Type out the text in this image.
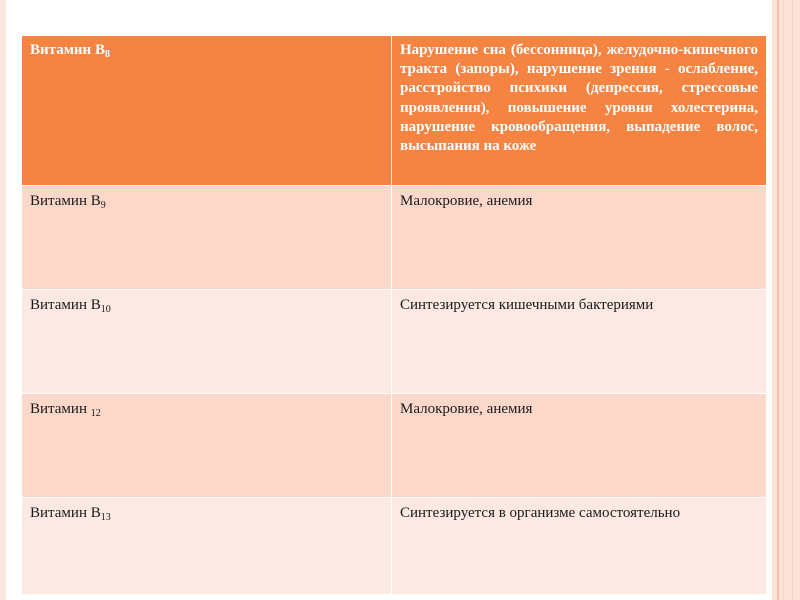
Витамин $B_8$	Нарушение сна (бессонница), желудочно-кишечного тракта (запоры), нарушение зрения - ослабление, расстройство психики (депрессия, стрессовые проявления), повышение уровня холестерина, нарушение кровообращения, выпадение волос,
высыпания на коже

Витамин $B_9$	Малокровие, анемия
Витамин $B_{10}$	Синтезируется кишечными бактериями
Витамин $_{12}$	Малокровие, анемия
Витамин $B_{13}$	Синтезируется в организме самостоятельно
